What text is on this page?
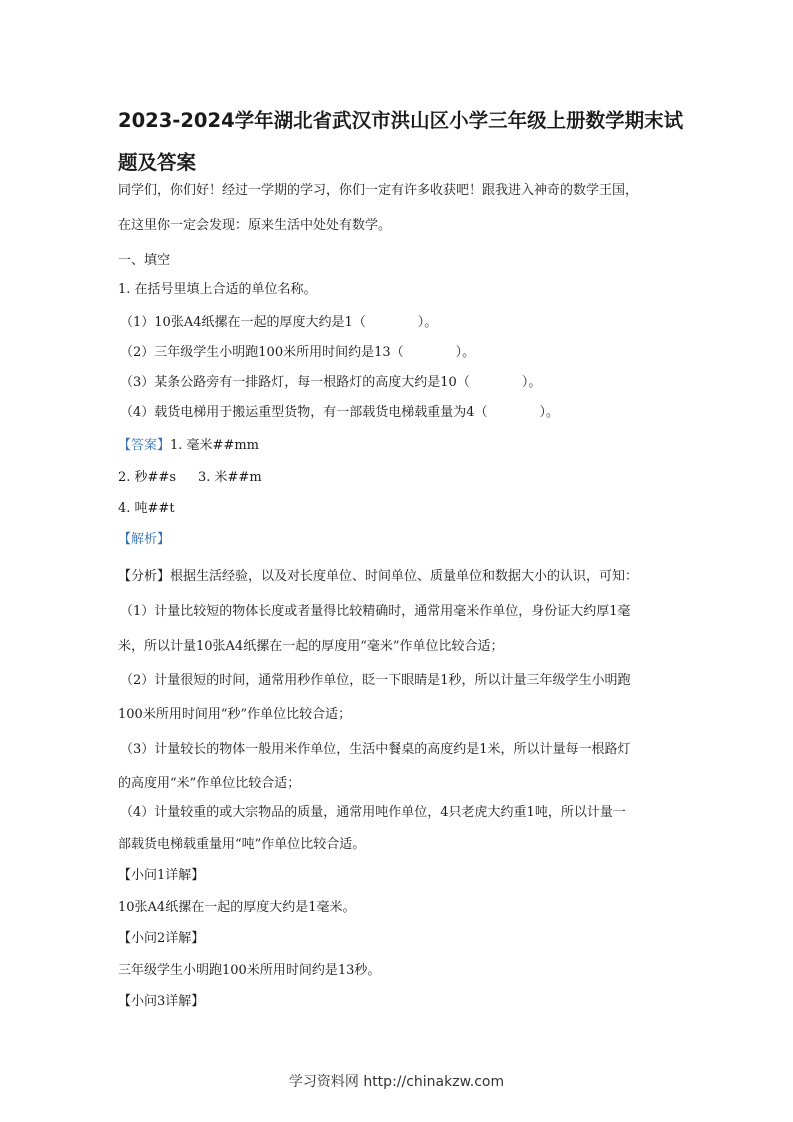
2023-2024学年湖北省武汉市洪山区小学三年级上册数学期末试题及答案
同学们，你们好！经过一学期的学习，你们一定有许多收获吧！跟我进入神奇的数学王国，
在这里你一定会发现：原来生活中处处有数学。
一、填空
1. 在括号里填上合适的单位名称。
（1）10张A4纸摞在一起的厚度大约是1（　　　　）。
（2）三年级学生小明跑100米所用时间约是13（　　　　）。
（3）某条公路旁有一排路灯，每一根路灯的高度大约是10（　　　　）。
（4）载货电梯用于搬运重型货物，有一部载货电梯载重量为4（　　　　）。
【答案】1. 毫米##mm
2. 秒##s 3. 米##m
4. 吨##t
【解析】
【分析】根据生活经验，以及对长度单位、时间单位、质量单位和数据大小的认识，可知：
（1）计量比较短的物体长度或者量得比较精确时，通常用毫米作单位，身份证大约厚1毫
米，所以计量10张A4纸摞在一起的厚度用“毫米”作单位比较合适；
（2）计量很短的时间，通常用秒作单位，眨一下眼睛是1秒，所以计量三年级学生小明跑
100米所用时间用“秒”作单位比较合适；
（3）计量较长的物体一般用米作单位，生活中餐桌的高度约是1米，所以计量每一根路灯
的高度用“米”作单位比较合适；
（4）计量较重的或大宗物品的质量，通常用吨作单位，4只老虎大约重1吨，所以计量一
部载货电梯载重量用“吨”作单位比较合适。
【小问1详解】
10张A4纸摞在一起的厚度大约是1毫米。
【小问2详解】
三年级学生小明跑100米所用时间约是13秒。
【小问3详解】
学习资料网 http://chinakzw.com
